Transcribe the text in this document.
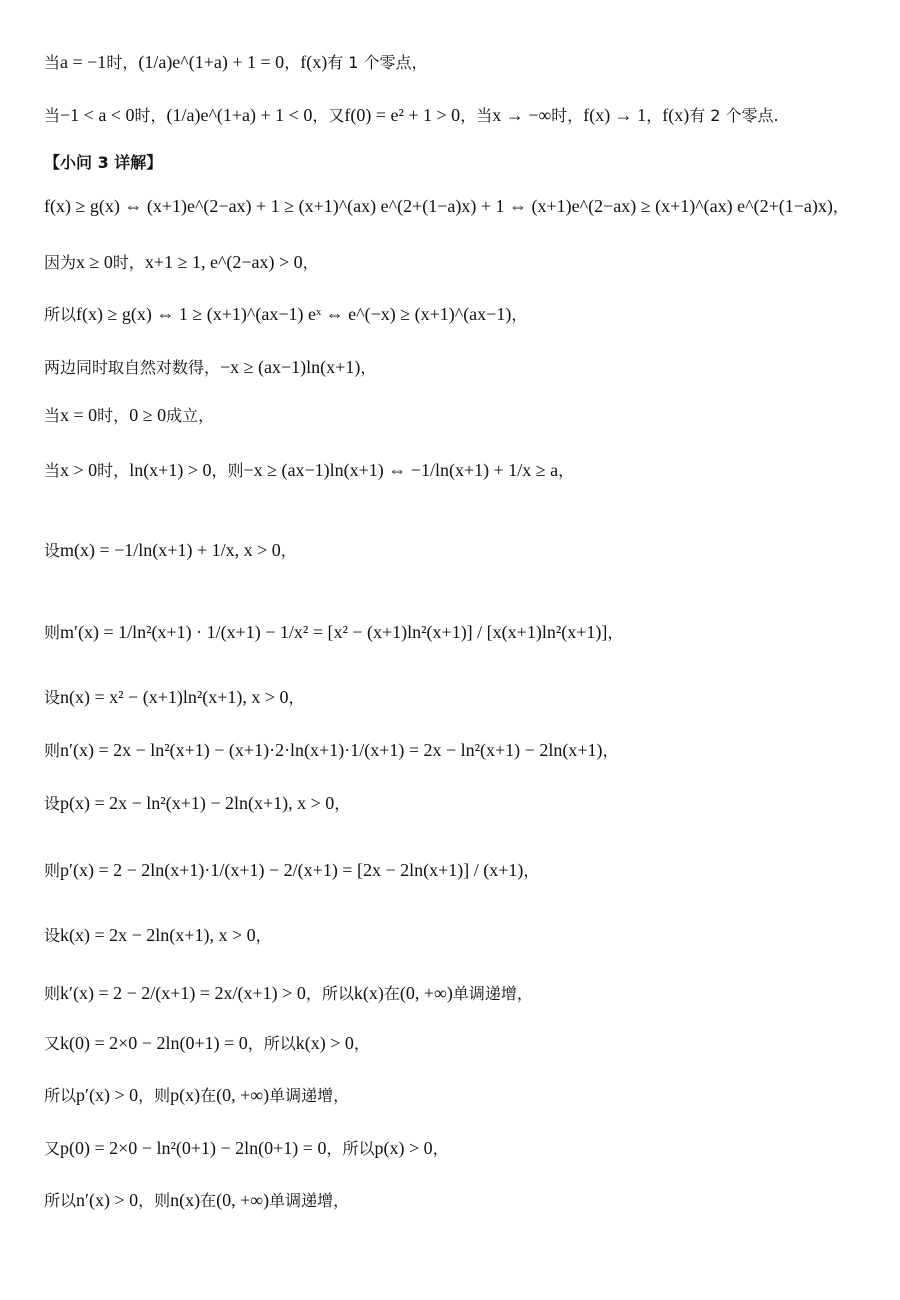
当a = −1时，(1/a)e^(1+a) + 1 = 0，f(x)有 1 个零点，
当−1 < a < 0时，(1/a)e^(1+a) + 1 < 0，又f(0) = e² + 1 > 0，当x → −∞时，f(x) → 1，f(x)有 2 个零点.
【小问 3 详解】
f(x) ≥ g(x) ⇔ (x+1)e^(2−ax) + 1 ≥ (x+1)^(ax) e^(2+(1−a)x) + 1 ⇔ (x+1)e^(2−ax) ≥ (x+1)^(ax) e^(2+(1−a)x)，
因为x ≥ 0时，x+1 ≥ 1, e^(2−ax) > 0，
所以f(x) ≥ g(x) ⇔ 1 ≥ (x+1)^(ax−1) eˣ ⇔ e^(−x) ≥ (x+1)^(ax−1)，
两边同时取自然对数得，−x ≥ (ax−1)ln(x+1)，
当x = 0时，0 ≥ 0成立，
当x > 0时，ln(x+1) > 0，则−x ≥ (ax−1)ln(x+1) ⇔ −1/ln(x+1) + 1/x ≥ a，
设m(x) = −1/ln(x+1) + 1/x, x > 0，
则m′(x) = 1/ln²(x+1) · 1/(x+1) − 1/x² = [x² − (x+1)ln²(x+1)] / [x(x+1)ln²(x+1)]，
设n(x) = x² − (x+1)ln²(x+1), x > 0，
则n′(x) = 2x − ln²(x+1) − (x+1)·2·ln(x+1)·1/(x+1) = 2x − ln²(x+1) − 2ln(x+1)，
设p(x) = 2x − ln²(x+1) − 2ln(x+1), x > 0，
则p′(x) = 2 − 2ln(x+1)·1/(x+1) − 2/(x+1) = [2x − 2ln(x+1)] / (x+1)，
设k(x) = 2x − 2ln(x+1), x > 0，
则k′(x) = 2 − 2/(x+1) = 2x/(x+1) > 0，所以k(x)在(0, +∞)单调递增，
又k(0) = 2×0 − 2ln(0+1) = 0，所以k(x) > 0，
所以p′(x) > 0，则p(x)在(0, +∞)单调递增，
又p(0) = 2×0 − ln²(0+1) − 2ln(0+1) = 0，所以p(x) > 0，
所以n′(x) > 0，则n(x)在(0, +∞)单调递增，
